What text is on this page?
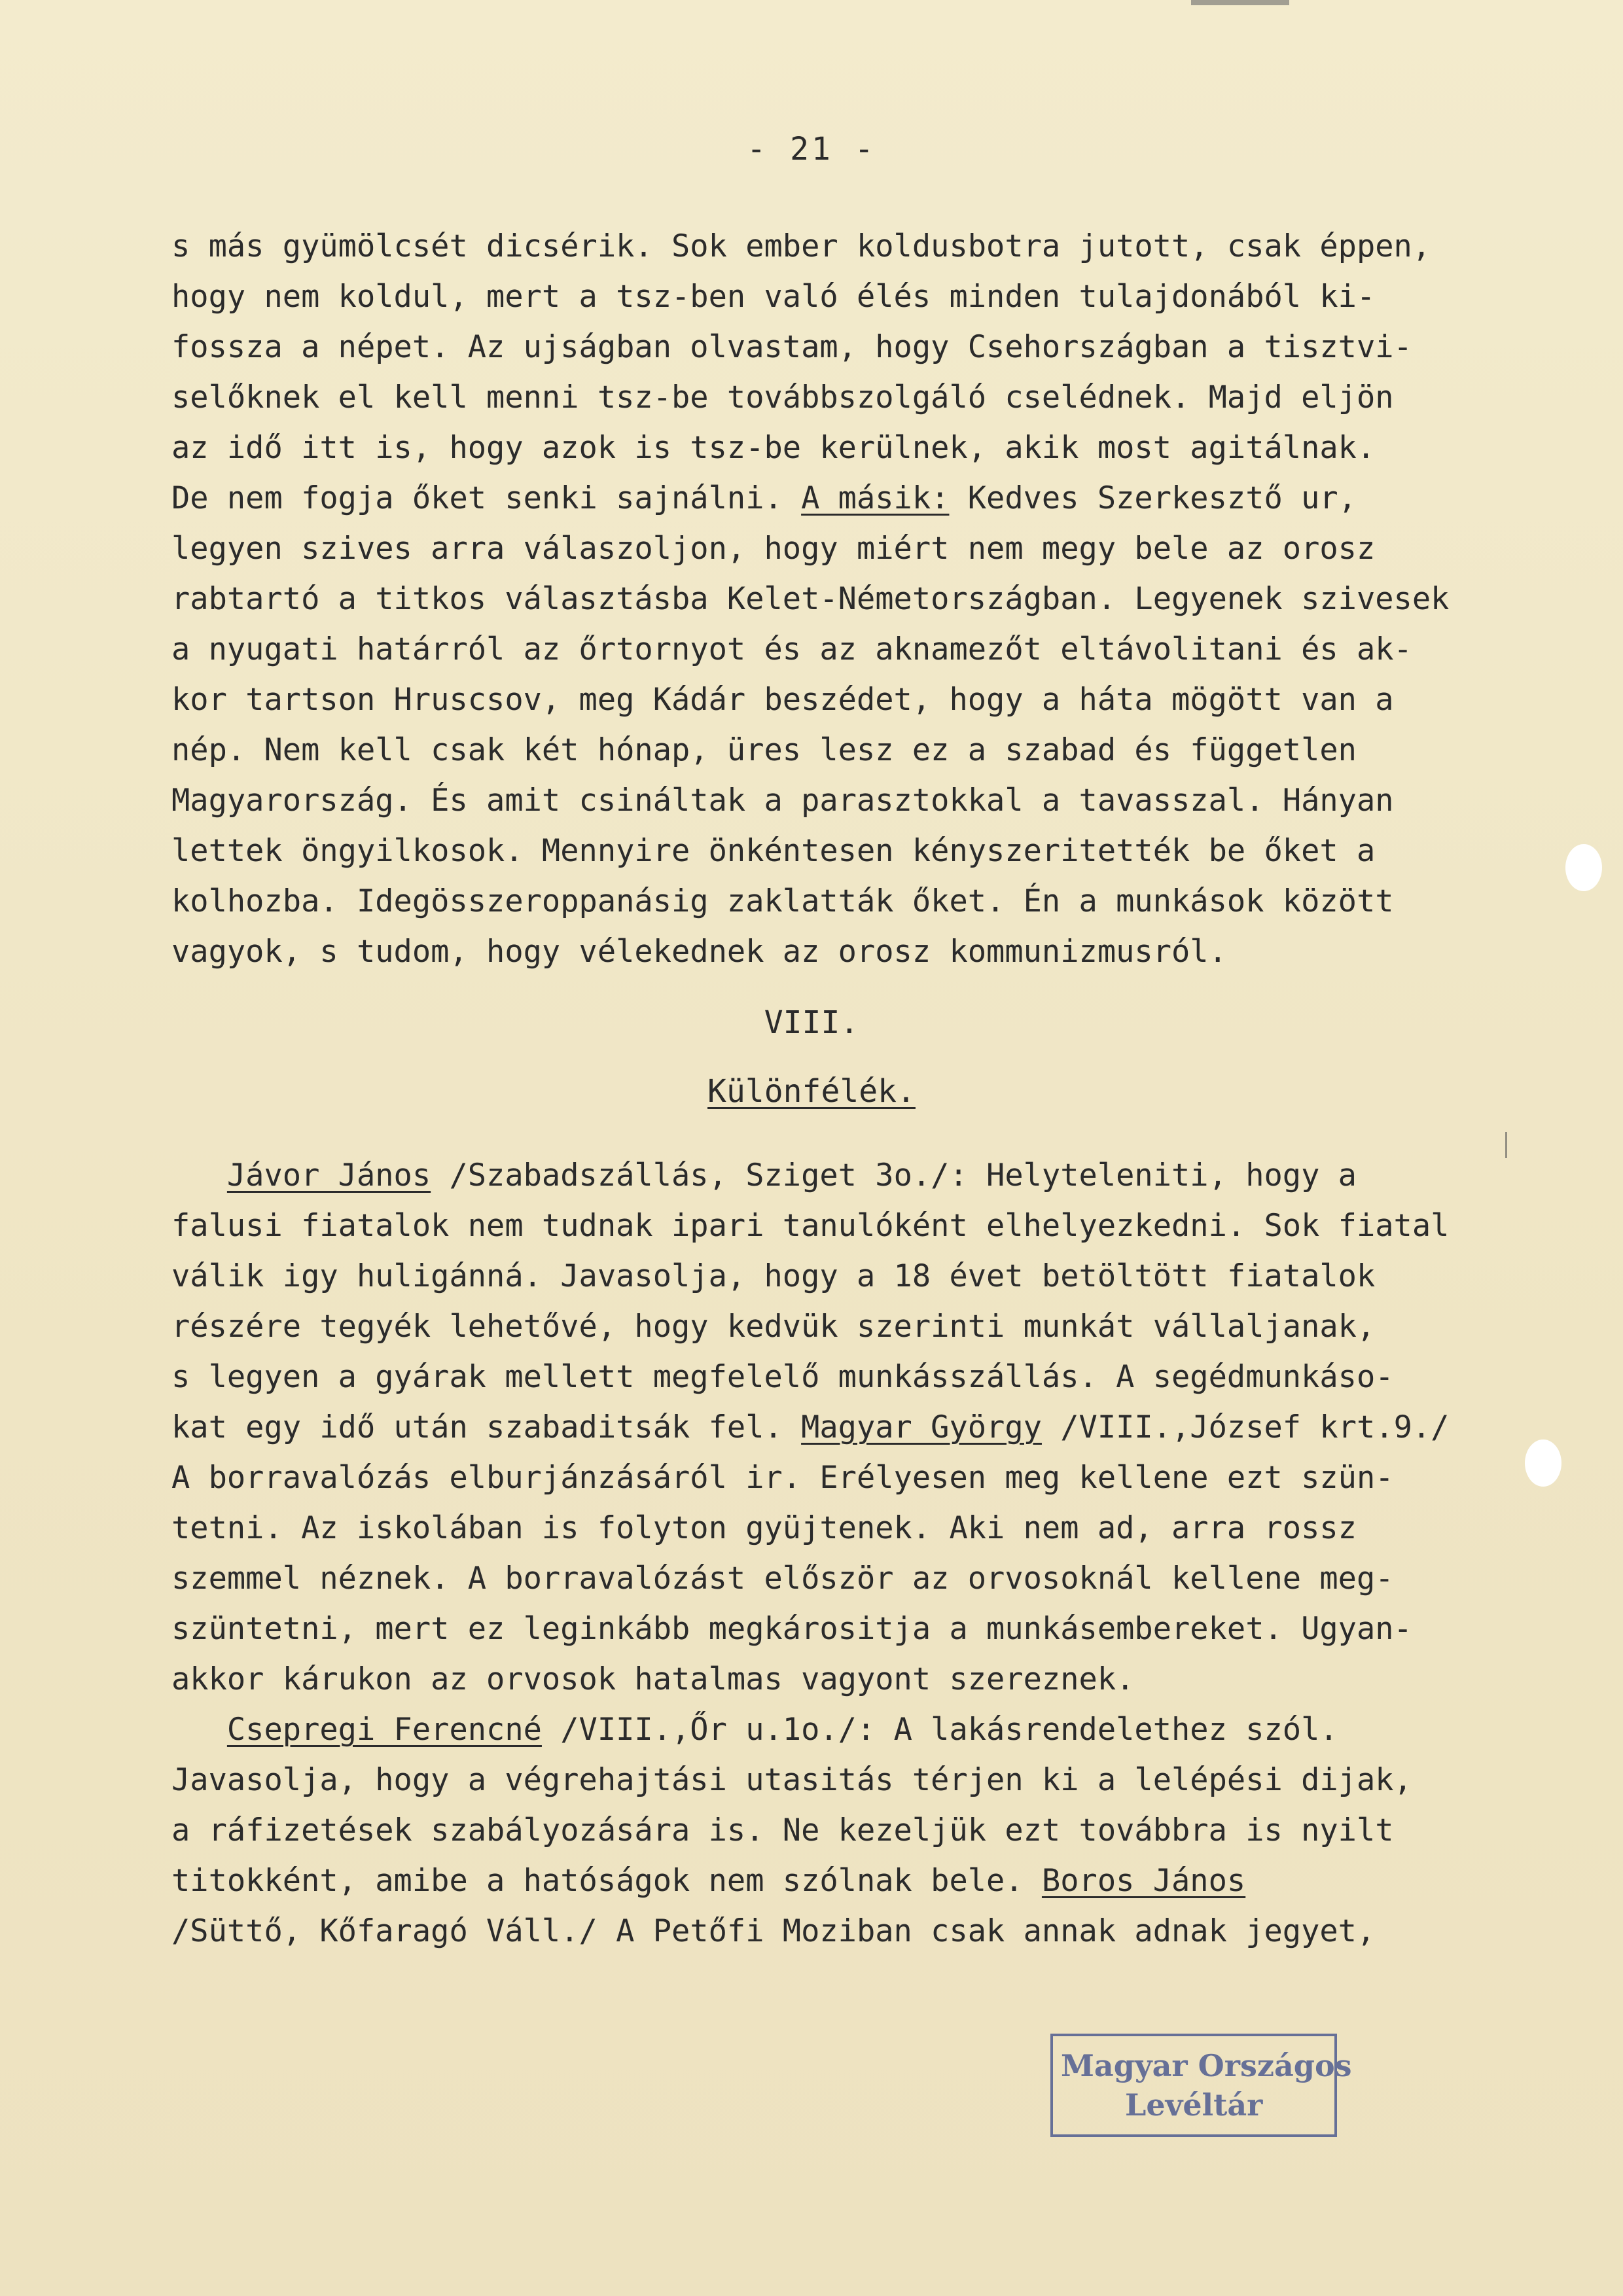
- 21 -
s más gyümölcsét dicsérik. Sok ember koldusbotra jutott, csak éppen,
hogy nem koldul, mert a tsz-ben való élés minden tulajdonából ki-
fossza a népet. Az ujságban olvastam, hogy Csehországban a tisztvi-
selőknek el kell menni tsz-be továbbszolgáló cselédnek. Majd eljön
az idő itt is, hogy azok is tsz-be kerülnek, akik most agitálnak.
De nem fogja őket senki sajnálni. A másik: Kedves Szerkesztő ur,
legyen szives arra válaszoljon, hogy miért nem megy bele az orosz
rabtartó a titkos választásba Kelet-Németországban. Legyenek szivesek
a nyugati határról az őrtornyot és az aknamezőt eltávolitani és ak-
kor tartson Hruscsov, meg Kádár beszédet, hogy a háta mögött van a
nép. Nem kell csak két hónap, üres lesz ez a szabad és független
Magyarország. És amit csináltak a parasztokkal a tavasszal. Hányan
lettek öngyilkosok. Mennyire önkéntesen kényszeritették be őket a
kolhozba. Idegösszeroppanásig zaklatták őket. Én a munkások között
vagyok, s tudom, hogy vélekednek az orosz kommunizmusról.
VIII.
Különfélék.
Jávor János /Szabadszállás, Sziget 3o./: Helyteleniti, hogy a
falusi fiatalok nem tudnak ipari tanulóként elhelyezkedni. Sok fiatal
válik igy huligánná. Javasolja, hogy a 18 évet betöltött fiatalok
részére tegyék lehetővé, hogy kedvük szerinti munkát vállaljanak,
s legyen a gyárak mellett megfelelő munkásszállás. A segédmunkáso-
kat egy idő után szabaditsák fel. Magyar György /VIII.,József krt.9./
A borravalózás elburjánzásáról ir. Erélyesen meg kellene ezt szün-
tetni. Az iskolában is folyton gyüjtenek. Aki nem ad, arra rossz
szemmel néznek. A borravalózást először az orvosoknál kellene meg-
szüntetni, mert ez leginkább megkárositja a munkásembereket. Ugyan-
akkor kárukon az orvosok hatalmas vagyont szereznek.
Csepregi Ferencné /VIII.,Őr u.1o./: A lakásrendelethez szól.
Javasolja, hogy a végrehajtási utasitás térjen ki a lelépési dijak,
a ráfizetések szabályozására is. Ne kezeljük ezt továbbra is nyilt
titokként, amibe a hatóságok nem szólnak bele. Boros János
/Süttő, Kőfaragó Váll./ A Petőfi Moziban csak annak adnak jegyet,
Magyar Országos
Levéltár
